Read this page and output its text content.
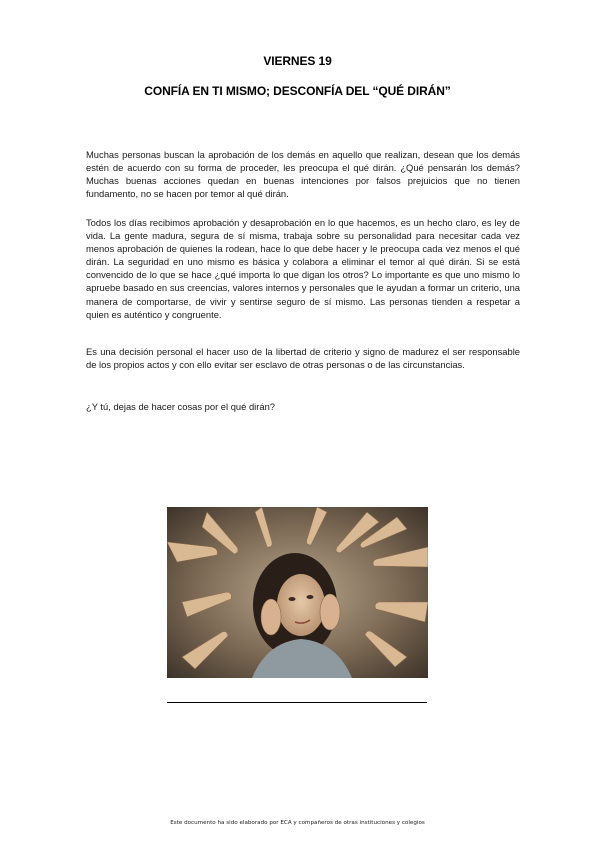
VIERNES 19
CONFÍA EN TI MISMO; DESCONFÍA DEL “QUÉ DIRÁN”

Muchas personas buscan la aprobación de los demás en aquello que realizan, desean que los demás estén de acuerdo con su forma de proceder, les preocupa el qué dirán. ¿Qué pensarán los demás? Muchas buenas acciones quedan en buenas intenciones por falsos prejuicios que no tienen fundamento, no se hacen por temor al qué dirán.

Todos los días recibimos aprobación y desaprobación en lo que hacemos, es un hecho claro, es ley de vida. La gente madura, segura de sí misma, trabaja sobre su personalidad para necesitar cada vez menos aprobación de quienes la rodean, hace lo que debe hacer y le preocupa cada vez menos el qué dirán. La seguridad en uno mismo es básica y colabora a eliminar el temor al qué dirán. Si se está convencido de lo que se hace ¿qué importa lo que digan los otros? Lo importante es que uno mismo lo apruebe basado en sus creencias, valores internos y personales que le ayudan a formar un criterio, una manera de comportarse, de vivir y sentirse seguro de sí mismo. Las personas tienden a respetar a quien es auténtico y congruente.

Es una decisión personal el hacer uso de la libertad de criterio y signo de madurez el ser responsable de los propios actos y con ello evitar ser esclavo de otras personas o de las circunstancias.

¿Y tú, dejas de hacer cosas por el qué dirán?

Este documento ha sido elaborado por ECA y compañeros de otras instituciones y colegios
